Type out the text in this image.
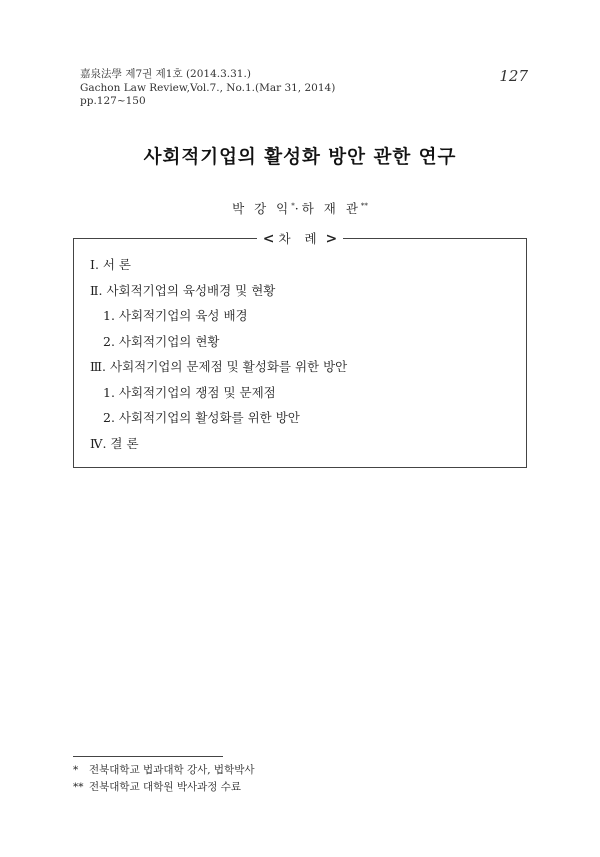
嘉泉法學 제7권 제1호 (2014.3.31.)
Gachon Law Review,Vol.7., No.1.(Mar 31, 2014)
pp.127~150
127
사회적기업의 활성화 방안 관한 연구
박 강 익*·하 재 관**
< 차 례 >
Ⅰ. 서 론
Ⅱ. 사회적기업의 육성배경 및 현황
1. 사회적기업의 육성 배경
2. 사회적기업의 현황
Ⅲ. 사회적기업의 문제점 및 활성화를 위한 방안
1. 사회적기업의 쟁점 및 문제점
2. 사회적기업의 활성화를 위한 방안
Ⅳ. 결 론
* 전북대학교 법과대학 강사, 법학박사
** 전북대학교 대학원 박사과정 수료
